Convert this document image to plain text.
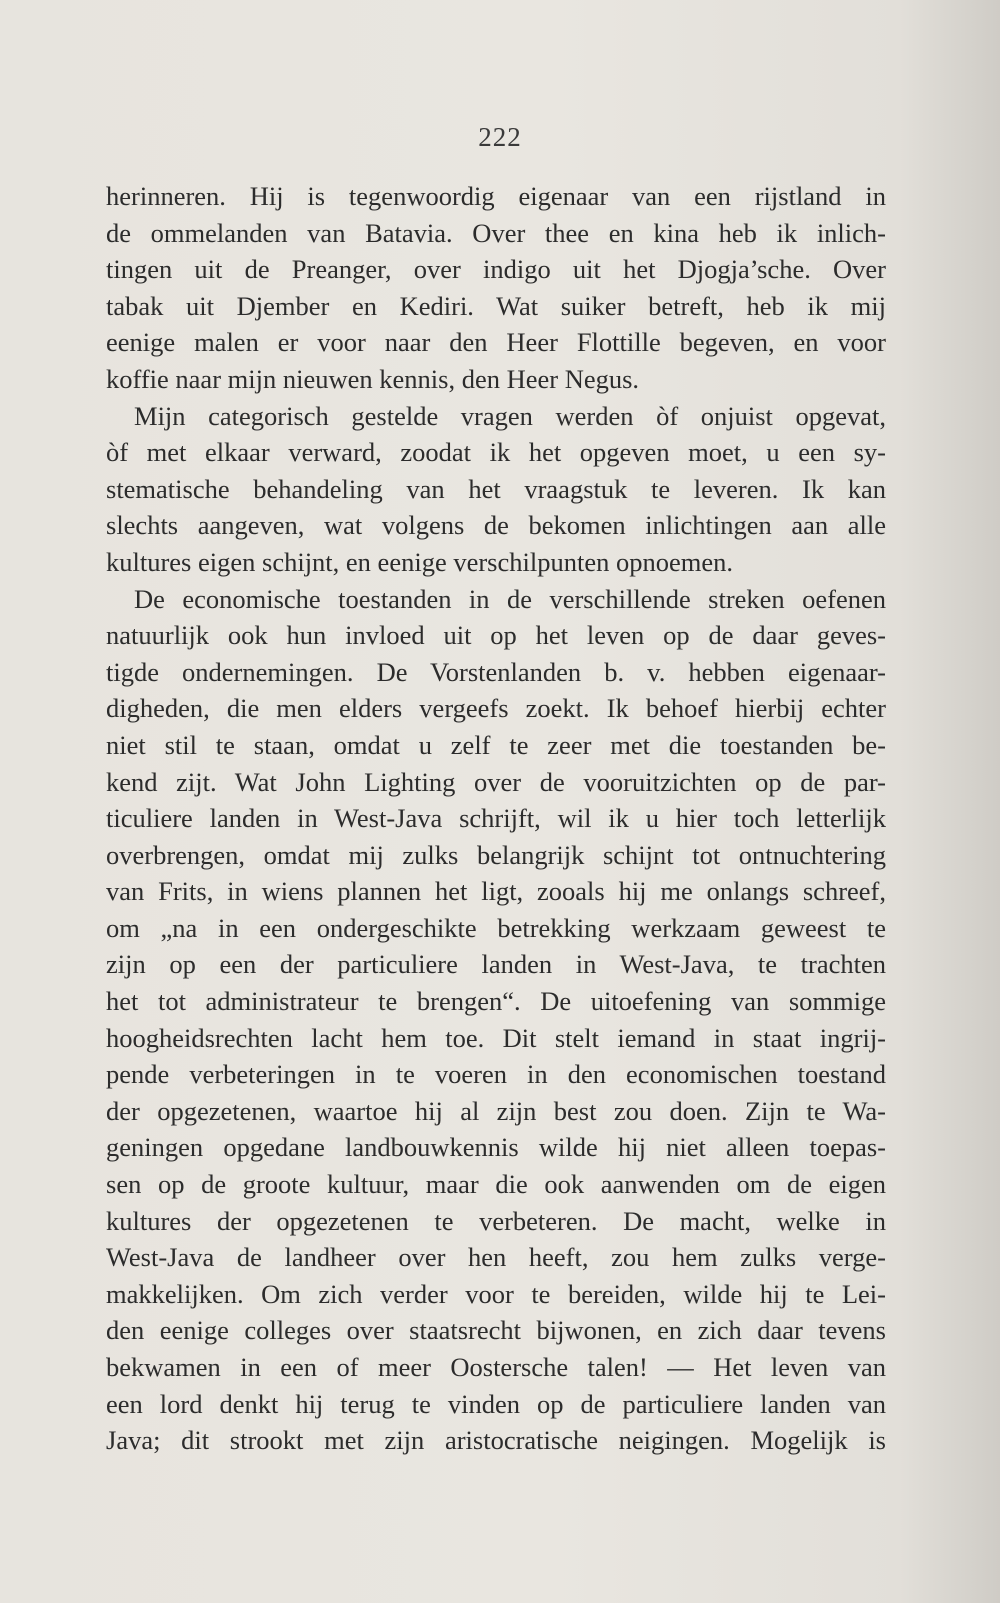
222
herinneren. Hij is tegenwoordig eigenaar van een rijstland in
de ommelanden van Batavia. Over thee en kina heb ik inlich-
tingen uit de Preanger, over indigo uit het Djogja’sche. Over
tabak uit Djember en Kediri. Wat suiker betreft, heb ik mij
eenige malen er voor naar den Heer Flottille begeven, en voor
koffie naar mijn nieuwen kennis, den Heer Negus.
Mijn categorisch gestelde vragen werden òf onjuist opgevat,
òf met elkaar verward, zoodat ik het opgeven moet, u een sy-
stematische behandeling van het vraagstuk te leveren. Ik kan
slechts aangeven, wat volgens de bekomen inlichtingen aan alle
kultures eigen schijnt, en eenige verschilpunten opnoemen.
De economische toestanden in de verschillende streken oefenen
natuurlijk ook hun invloed uit op het leven op de daar geves-
tigde ondernemingen. De Vorstenlanden b. v. hebben eigenaar-
digheden, die men elders vergeefs zoekt. Ik behoef hierbij echter
niet stil te staan, omdat u zelf te zeer met die toestanden be-
kend zijt. Wat John Lighting over de vooruitzichten op de par-
ticuliere landen in West-Java schrijft, wil ik u hier toch letterlijk
overbrengen, omdat mij zulks belangrijk schijnt tot ontnuchtering
van Frits, in wiens plannen het ligt, zooals hij me onlangs schreef,
om „na in een ondergeschikte betrekking werkzaam geweest te
zijn op een der particuliere landen in West-Java, te trachten
het tot administrateur te brengen“. De uitoefening van sommige
hoogheidsrechten lacht hem toe. Dit stelt iemand in staat ingrij-
pende verbeteringen in te voeren in den economischen toestand
der opgezetenen, waartoe hij al zijn best zou doen. Zijn te Wa-
geningen opgedane landbouwkennis wilde hij niet alleen toepas-
sen op de groote kultuur, maar die ook aanwenden om de eigen
kultures der opgezetenen te verbeteren. De macht, welke in
West-Java de landheer over hen heeft, zou hem zulks verge-
makkelijken. Om zich verder voor te bereiden, wilde hij te Lei-
den eenige colleges over staatsrecht bijwonen, en zich daar tevens
bekwamen in een of meer Oostersche talen! — Het leven van
een lord denkt hij terug te vinden op de particuliere landen van
Java; dit strookt met zijn aristocratische neigingen. Mogelijk is
